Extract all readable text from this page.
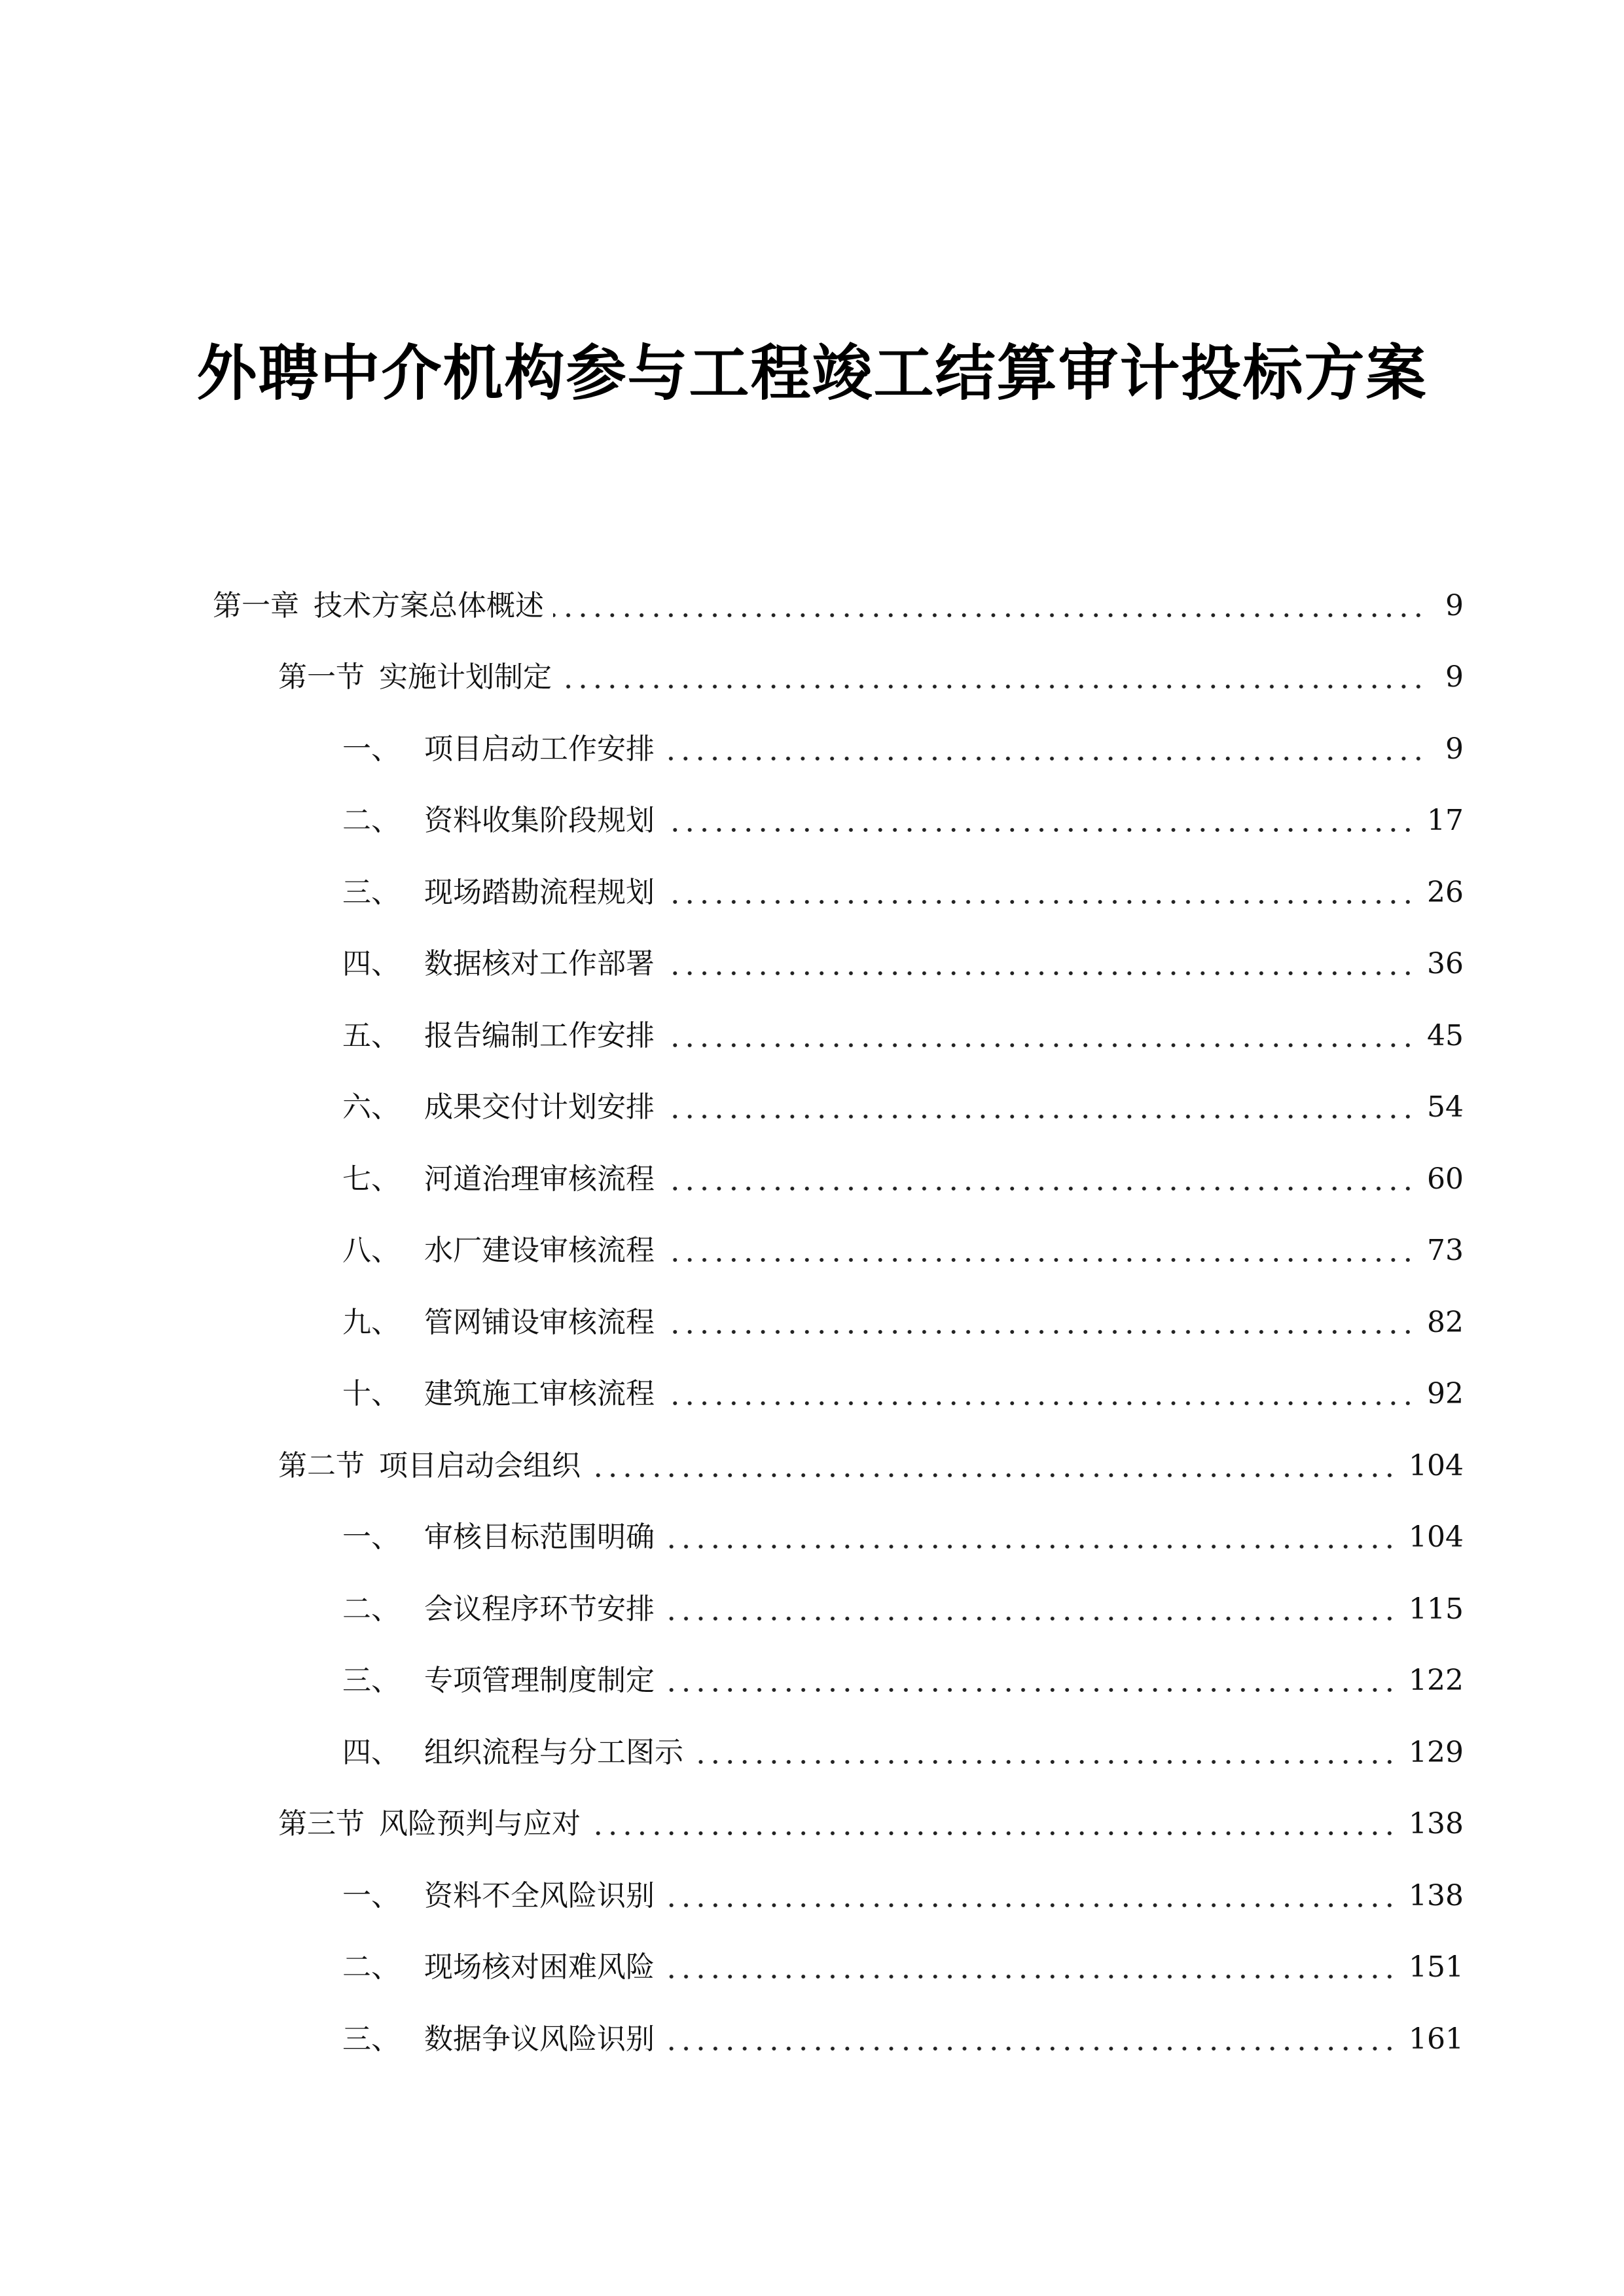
外聘中介机构参与工程竣工结算审计投标方案
第一章 技术方案总体概述	9
第一节 实施计划制定	9
一、 项目启动工作安排	9
二、 资料收集阶段规划	17
三、 现场踏勘流程规划	26
四、 数据核对工作部署	36
五、 报告编制工作安排	45
六、 成果交付计划安排	54
七、 河道治理审核流程	60
八、 水厂建设审核流程	73
九、 管网铺设审核流程	82
十、 建筑施工审核流程	92
第二节 项目启动会组织	104
一、 审核目标范围明确	104
二、 会议程序环节安排	115
三、 专项管理制度制定	122
四、 组织流程与分工图示	129
第三节 风险预判与应对	138
一、 资料不全风险识别	138
二、 现场核对困难风险	151
三、 数据争议风险识别	161
